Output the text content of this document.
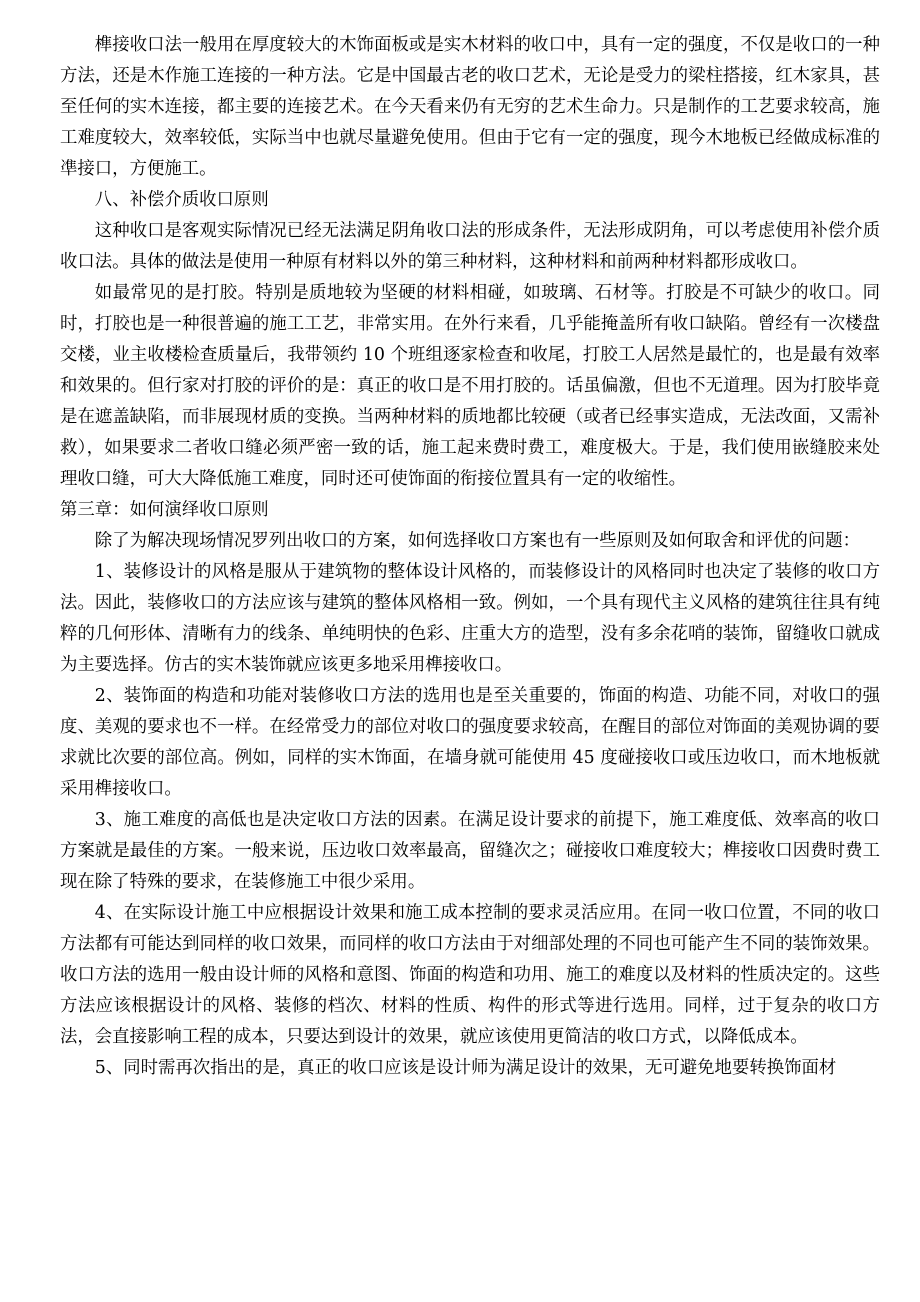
榫接收口法一般用在厚度较大的木饰面板或是实木材料的收口中，具有一定的强度，不仅是收口的一种方法，还是木作施工连接的一种方法。它是中国最古老的收口艺术，无论是受力的梁柱搭接，红木家具，甚至任何的实木连接，都主要的连接艺术。在今天看来仍有无穷的艺术生命力。只是制作的工艺要求较高，施工难度较大，效率较低，实际当中也就尽量避免使用。但由于它有一定的强度，现今木地板已经做成标准的凖接口，方便施工。

八、补偿介质收口原则

这种收口是客观实际情况已经无法满足阴角收口法的形成条件，无法形成阴角，可以考虑使用补偿介质收口法。具体的做法是使用一种原有材料以外的第三种材料，这种材料和前两种材料都形成收口。

如最常见的是打胶。特别是质地较为坚硬的材料相碰，如玻璃、石材等。打胶是不可缺少的收口。同时，打胶也是一种很普遍的施工工艺，非常实用。在外行来看，几乎能掩盖所有收口缺陷。曾经有一次楼盘交楼，业主收楼检查质量后，我带领约 10 个班组逐家检查和收尾，打胶工人居然是最忙的，也是最有效率和效果的。但行家对打胶的评价的是：真正的收口是不用打胶的。话虽偏激，但也不无道理。因为打胶毕竟是在遮盖缺陷，而非展现材质的变换。当两种材料的质地都比较硬（或者已经事实造成，无法改面，又需补救），如果要求二者收口缝必须严密一致的话，施工起来费时费工，难度极大。于是，我们使用嵌缝胶来处理收口缝，可大大降低施工难度，同时还可使饰面的衔接位置具有一定的收缩性。

第三章：如何演绎收口原则

除了为解决现场情况罗列出收口的方案，如何选择收口方案也有一些原则及如何取舍和评优的问题：

1、装修设计的风格是服从于建筑物的整体设计风格的，而装修设计的风格同时也决定了装修的收口方法。因此，装修收口的方法应该与建筑的整体风格相一致。例如，一个具有现代主义风格的建筑往往具有纯粹的几何形体、清晰有力的线条、单纯明快的色彩、庄重大方的造型，没有多余花哨的装饰，留缝收口就成为主要选择。仿古的实木装饰就应该更多地采用榫接收口。

2、装饰面的构造和功能对装修收口方法的选用也是至关重要的，饰面的构造、功能不同，对收口的强度、美观的要求也不一样。在经常受力的部位对收口的强度要求较高，在醒目的部位对饰面的美观协调的要求就比次要的部位高。例如，同样的实木饰面，在墙身就可能使用 45 度碰接收口或压边收口，而木地板就采用榫接收口。

3、施工难度的高低也是决定收口方法的因素。在满足设计要求的前提下，施工难度低、效率高的收口方案就是最佳的方案。一般来说，压边收口效率最高，留缝次之；碰接收口难度较大；榫接收口因费时费工现在除了特殊的要求，在装修施工中很少采用。

4、在实际设计施工中应根据设计效果和施工成本控制的要求灵活应用。在同一收口位置，不同的收口方法都有可能达到同样的收口效果，而同样的收口方法由于对细部处理的不同也可能产生不同的装饰效果。收口方法的选用一般由设计师的风格和意图、饰面的构造和功用、施工的难度以及材料的性质决定的。这些方法应该根据设计的风格、装修的档次、材料的性质、构件的形式等进行选用。同样，过于复杂的收口方法，会直接影响工程的成本，只要达到设计的效果，就应该使用更简洁的收口方式，以降低成本。

5、同时需再次指出的是，真正的收口应该是设计师为满足设计的效果，无可避免地要转换饰面材
